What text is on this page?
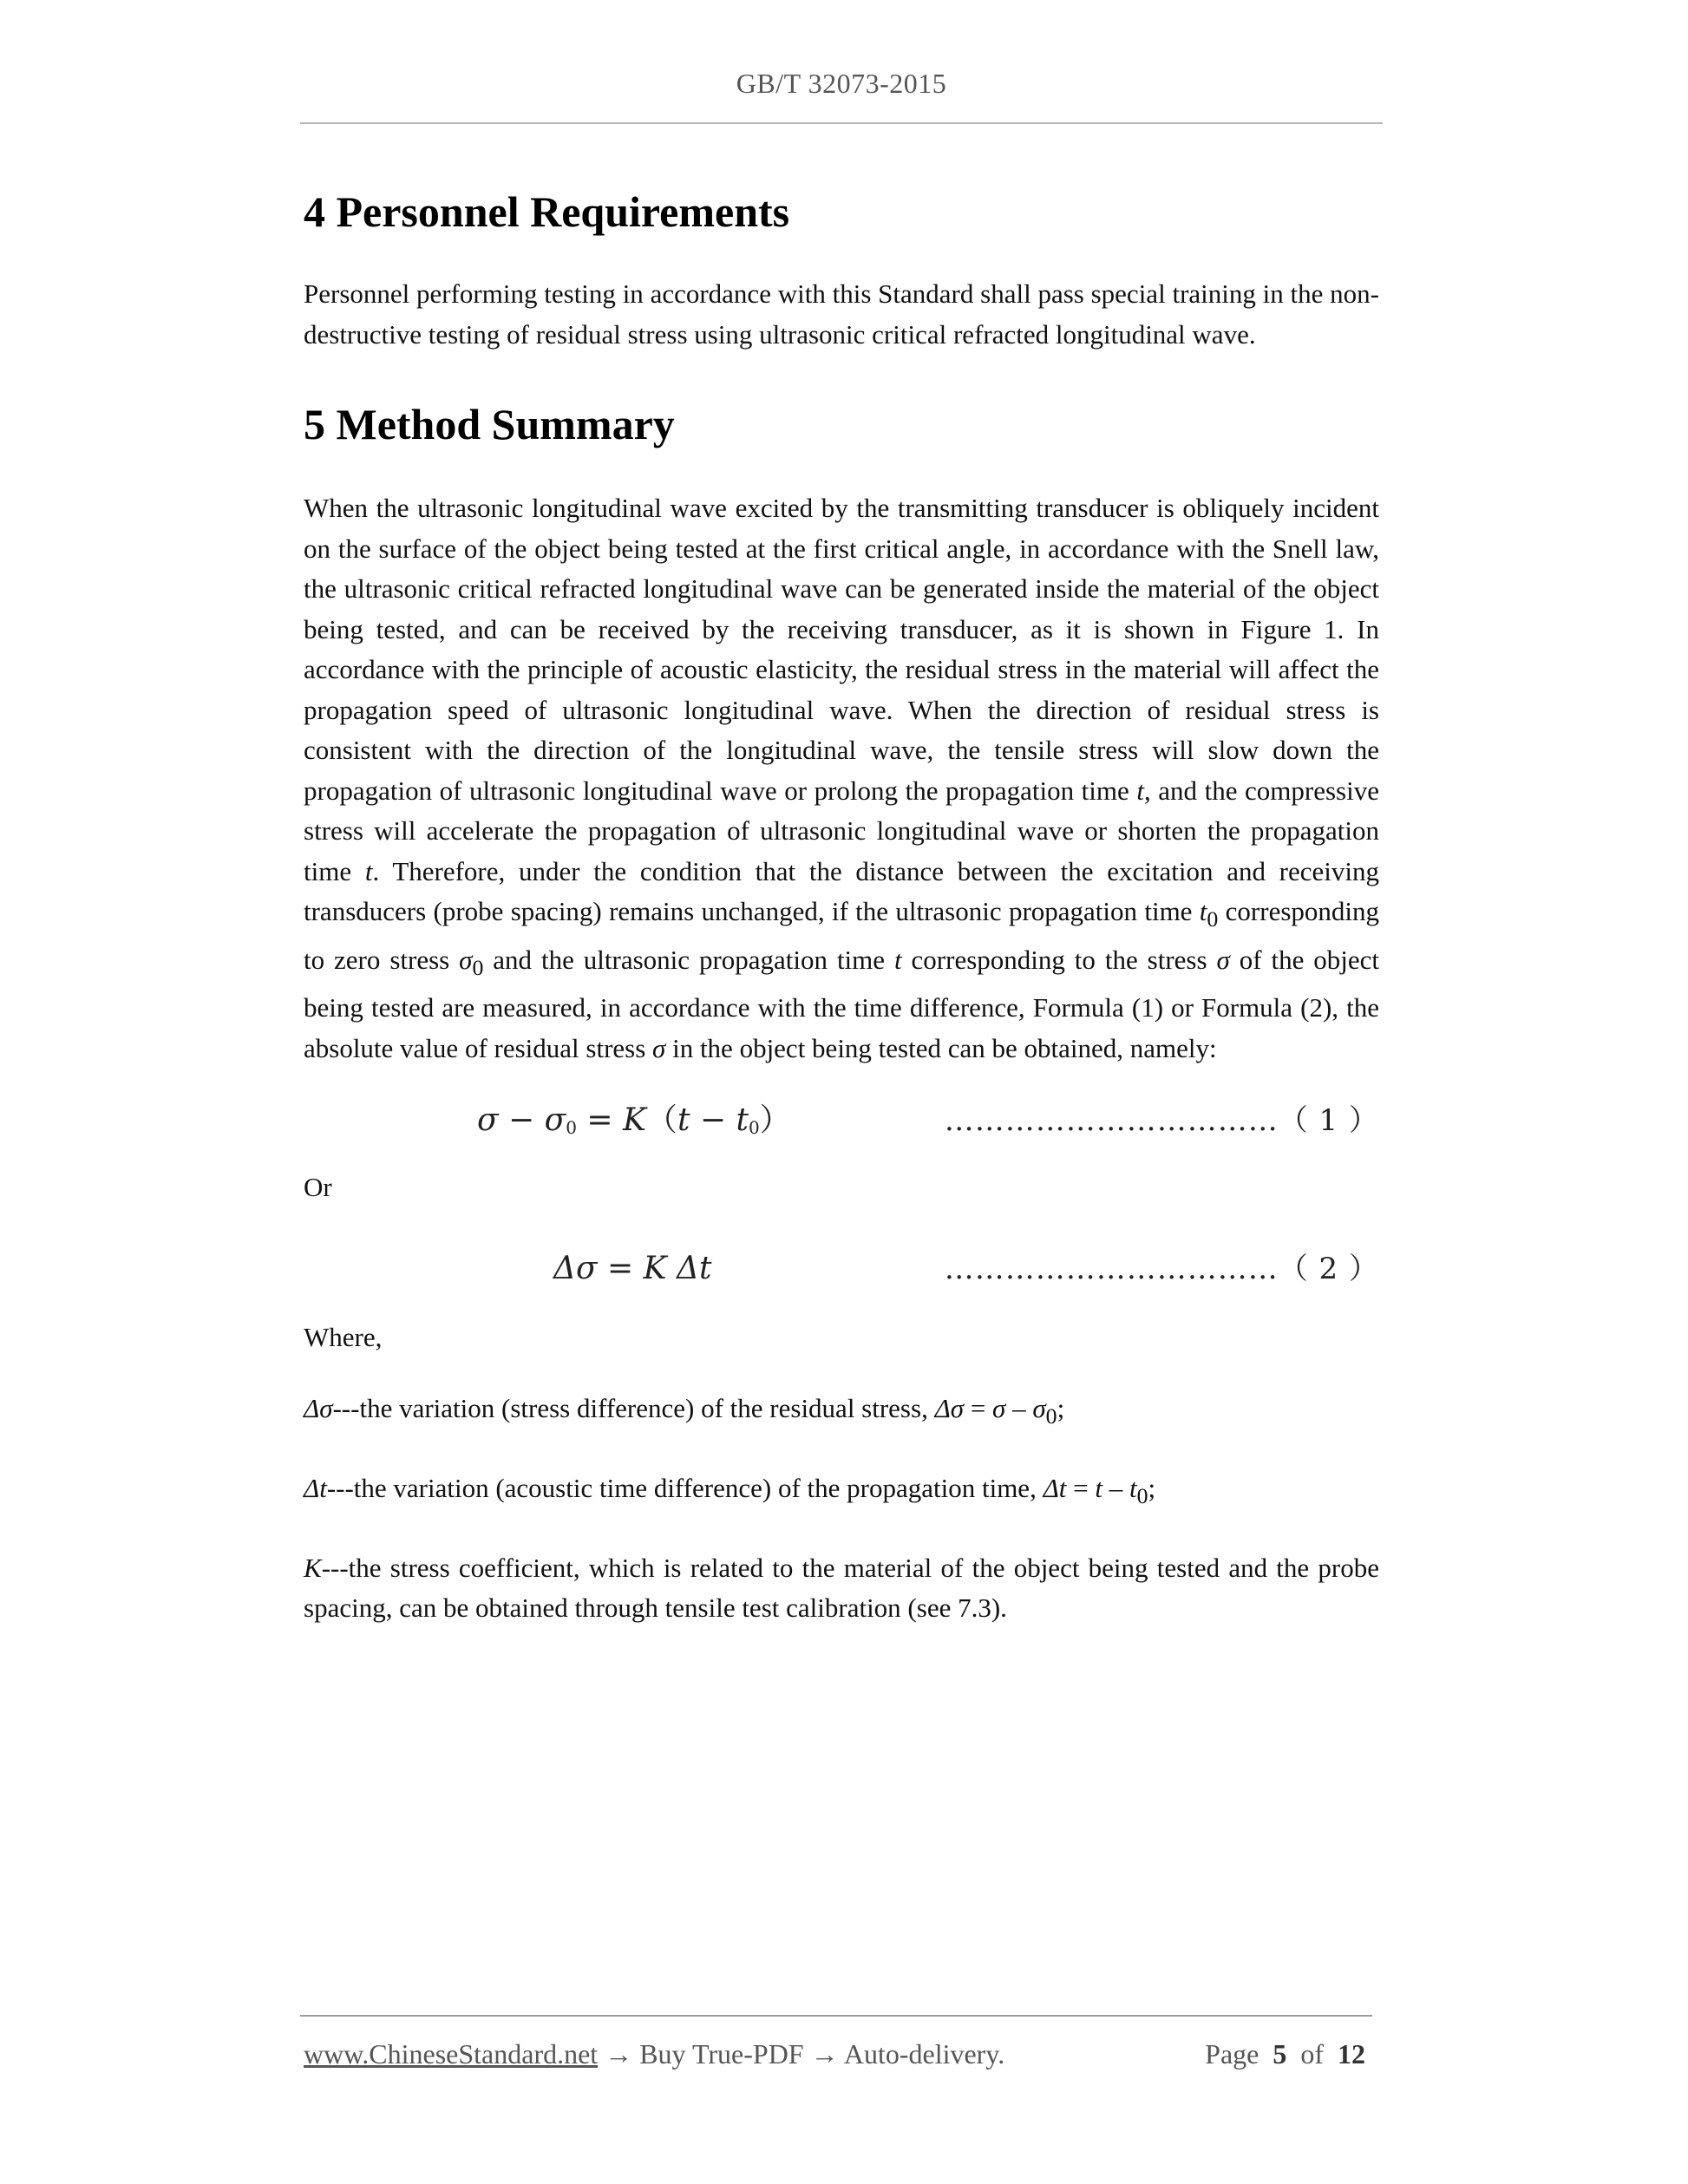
GB/T 32073-2015
4 Personnel Requirements

Personnel performing testing in accordance with this Standard shall pass special training in the non-destructive testing of residual stress using ultrasonic critical refracted longitudinal wave.

5 Method Summary

When the ultrasonic longitudinal wave excited by the transmitting transducer is obliquely incident on the surface of the object being tested at the first critical angle, in accordance with the Snell law, the ultrasonic critical refracted longitudinal wave can be generated inside the material of the object being tested, and can be received by the receiving transducer, as it is shown in Figure 1. In accordance with the principle of acoustic elasticity, the residual stress in the material will affect the propagation speed of ultrasonic longitudinal wave. When the direction of residual stress is consistent with the direction of the longitudinal wave, the tensile stress will slow down the propagation of ultrasonic longitudinal wave or prolong the propagation time t, and the compressive stress will accelerate the propagation of ultrasonic longitudinal wave or shorten the propagation time t. Therefore, under the condition that the distance between the excitation and receiving transducers (probe spacing) remains unchanged, if the ultrasonic propagation time $t_0$ corresponding to zero stress $\sigma_0$ and the ultrasonic propagation time t corresponding to the stress σ of the object being tested are measured, in accordance with the time difference, Formula (1) or Formula (2), the absolute value of residual stress σ in the object being tested can be obtained, namely:

$\sigma - \sigma_0 = K(t - t_0)$	……………………………（ 1 ）

Or

Δσ = K Δt	……………………………（ 2 ）

Where,

Δσ---the variation (stress difference) of the residual stress, $\Delta\sigma = \sigma - \sigma_0$;

Δt---the variation (acoustic time difference) of the propagation time, $\Delta t = t - t_0$;

K---the stress coefficient, which is related to the material of the object being tested and the probe spacing, can be obtained through tensile test calibration (see 7.3).

www.ChineseStandard.net → Buy True-PDF → Auto-delivery.	Page 5 of 12
